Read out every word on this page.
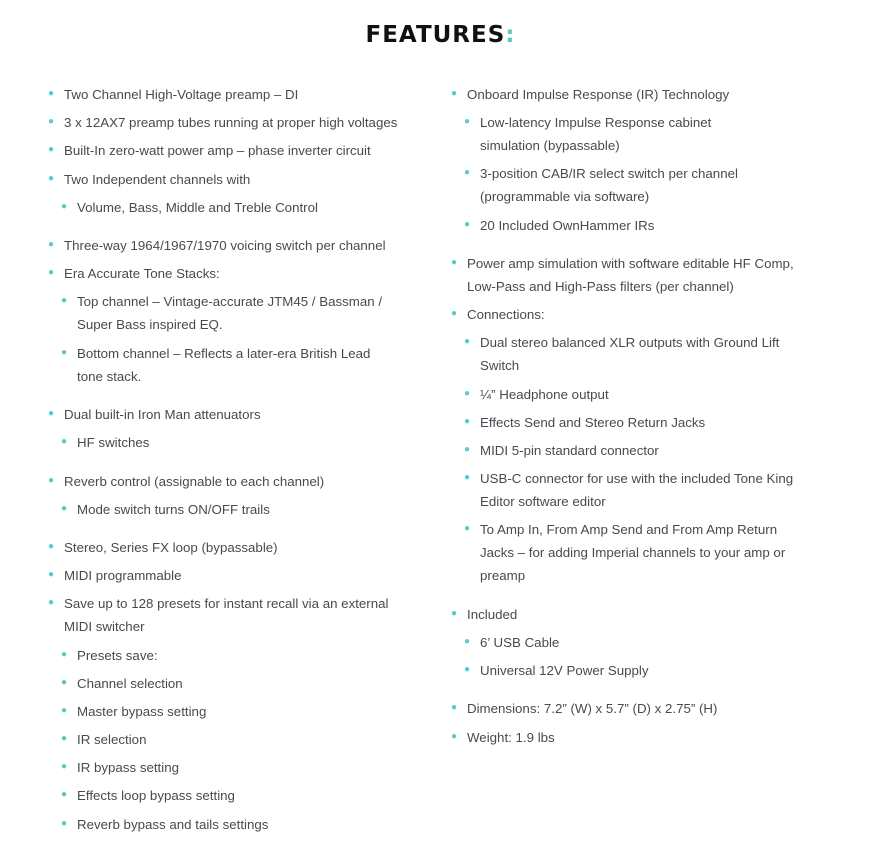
FEATURES:
● Two Channel High-Voltage preamp – DI
● 3 x 12AX7 preamp tubes running at proper high voltages
● Built-In zero-watt power amp – phase inverter circuit
● Two Independent channels with
● Volume, Bass, Middle and Treble Control
● Three-way 1964/1967/1970 voicing switch per channel
● Era Accurate Tone Stacks:
● Top channel – Vintage-accurate JTM45 / Bassman / Super Bass inspired EQ.
● Bottom channel – Reflects a later-era British Lead tone stack.
● Dual built-in Iron Man attenuators
● HF switches
● Reverb control (assignable to each channel)
● Mode switch turns ON/OFF trails
● Stereo, Series FX loop (bypassable)
● MIDI programmable
● Save up to 128 presets for instant recall via an external MIDI switcher
● Presets save:
● Channel selection
● Master bypass setting
● IR selection
● IR bypass setting
● Effects loop bypass setting
● Reverb bypass and tails settings
● Onboard Impulse Response (IR) Technology
● Low-latency Impulse Response cabinet simulation (bypassable)
● 3-position CAB/IR select switch per channel (programmable via software)
● 20 Included OwnHammer IRs
● Power amp simulation with software editable HF Comp, Low-Pass and High-Pass filters (per channel)
● Connections:
● Dual stereo balanced XLR outputs with Ground Lift Switch
● ¼” Headphone output
● Effects Send and Stereo Return Jacks
● MIDI 5-pin standard connector
● USB-C connector for use with the included Tone King Editor software editor
● To Amp In, From Amp Send and From Amp Return Jacks – for adding Imperial channels to your amp or preamp
● Included
● 6’ USB Cable
● Universal 12V Power Supply
● Dimensions: 7.2” (W) x 5.7” (D) x 2.75” (H)
● Weight: 1.9 lbs
